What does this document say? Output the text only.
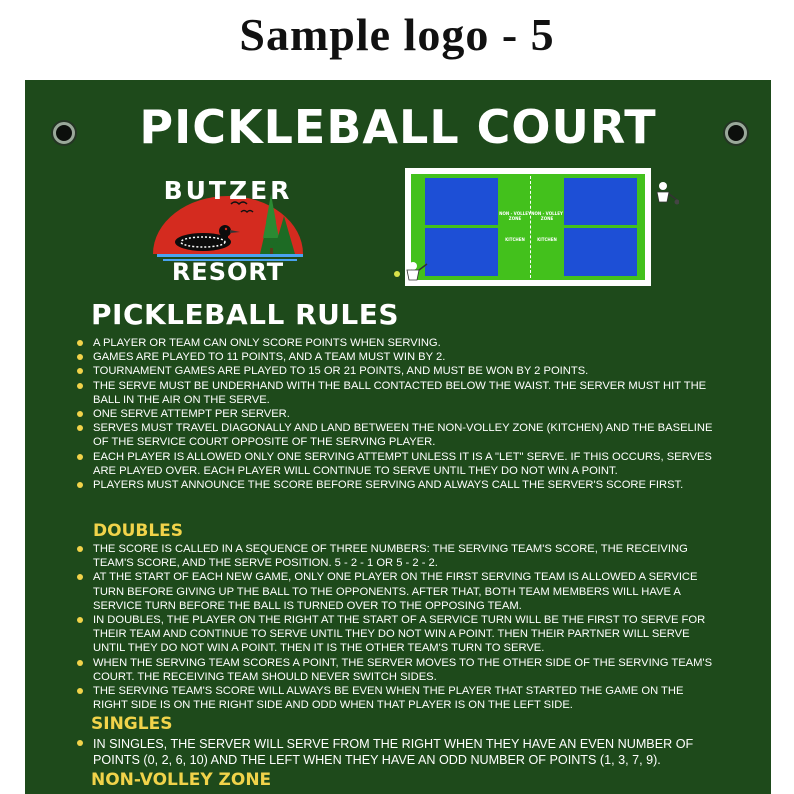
Sample logo - 5
PICKLEBALL COURT
BUTZER
RESORT
NON - VOLLEY ZONE
NON - VOLLEY ZONE
KITCHEN	KITCHEN
PICKLEBALL RULES
A PLAYER OR TEAM CAN ONLY SCORE POINTS WHEN SERVING.
GAMES ARE PLAYED TO 11 POINTS, AND A TEAM MUST WIN BY 2.
TOURNAMENT GAMES ARE PLAYED TO 15 OR 21 POINTS, AND MUST BE WON BY 2 POINTS.
THE SERVE MUST BE UNDERHAND WITH THE BALL CONTACTED BELOW THE WAIST. THE SERVER MUST HIT THE BALL IN THE AIR ON THE SERVE.
ONE SERVE ATTEMPT PER SERVER.
SERVES MUST TRAVEL DIAGONALLY AND LAND BETWEEN THE NON-VOLLEY ZONE (KITCHEN) AND THE BASELINE OF THE SERVICE COURT OPPOSITE OF THE SERVING PLAYER.
EACH PLAYER IS ALLOWED ONLY ONE SERVING ATTEMPT UNLESS IT IS A "LET" SERVE. IF THIS OCCURS, SERVES ARE PLAYED OVER. EACH PLAYER WILL CONTINUE TO SERVE UNTIL THEY DO NOT WIN A POINT.
PLAYERS MUST ANNOUNCE THE SCORE BEFORE SERVING AND ALWAYS CALL THE SERVER'S SCORE FIRST.
DOUBLES
THE SCORE IS CALLED IN A SEQUENCE OF THREE NUMBERS: THE SERVING TEAM'S SCORE, THE RECEIVING TEAM'S SCORE, AND THE SERVE POSITION. 5 - 2 - 1 OR 5 - 2 - 2.
AT THE START OF EACH NEW GAME, ONLY ONE PLAYER ON THE FIRST SERVING TEAM IS ALLOWED A SERVICE TURN BEFORE GIVING UP THE BALL TO THE OPPONENTS. AFTER THAT, BOTH TEAM MEMBERS WILL HAVE A SERVICE TURN BEFORE THE BALL IS TURNED OVER TO THE OPPOSING TEAM.
IN DOUBLES, THE PLAYER ON THE RIGHT AT THE START OF A SERVICE TURN WILL BE THE FIRST TO SERVE FOR THEIR TEAM AND CONTINUE TO SERVE UNTIL THEY DO NOT WIN A POINT. THEN THEIR PARTNER WILL SERVE UNTIL THEY DO NOT WIN A POINT. THEN IT IS THE OTHER TEAM'S TURN TO SERVE.
WHEN THE SERVING TEAM SCORES A POINT, THE SERVER MOVES TO THE OTHER SIDE OF THE SERVING TEAM'S COURT. THE RECEIVING TEAM SHOULD NEVER SWITCH SIDES.
THE SERVING TEAM'S SCORE WILL ALWAYS BE EVEN WHEN THE PLAYER THAT STARTED THE GAME ON THE RIGHT SIDE IS ON THE RIGHT SIDE AND ODD WHEN THAT PLAYER IS ON THE LEFT SIDE.
SINGLES
IN SINGLES, THE SERVER WILL SERVE FROM THE RIGHT WHEN THEY HAVE AN EVEN NUMBER OF POINTS (0, 2, 6, 10) AND THE LEFT WHEN THEY HAVE AN ODD NUMBER OF POINTS (1, 3, 7, 9).
NON-VOLLEY ZONE
